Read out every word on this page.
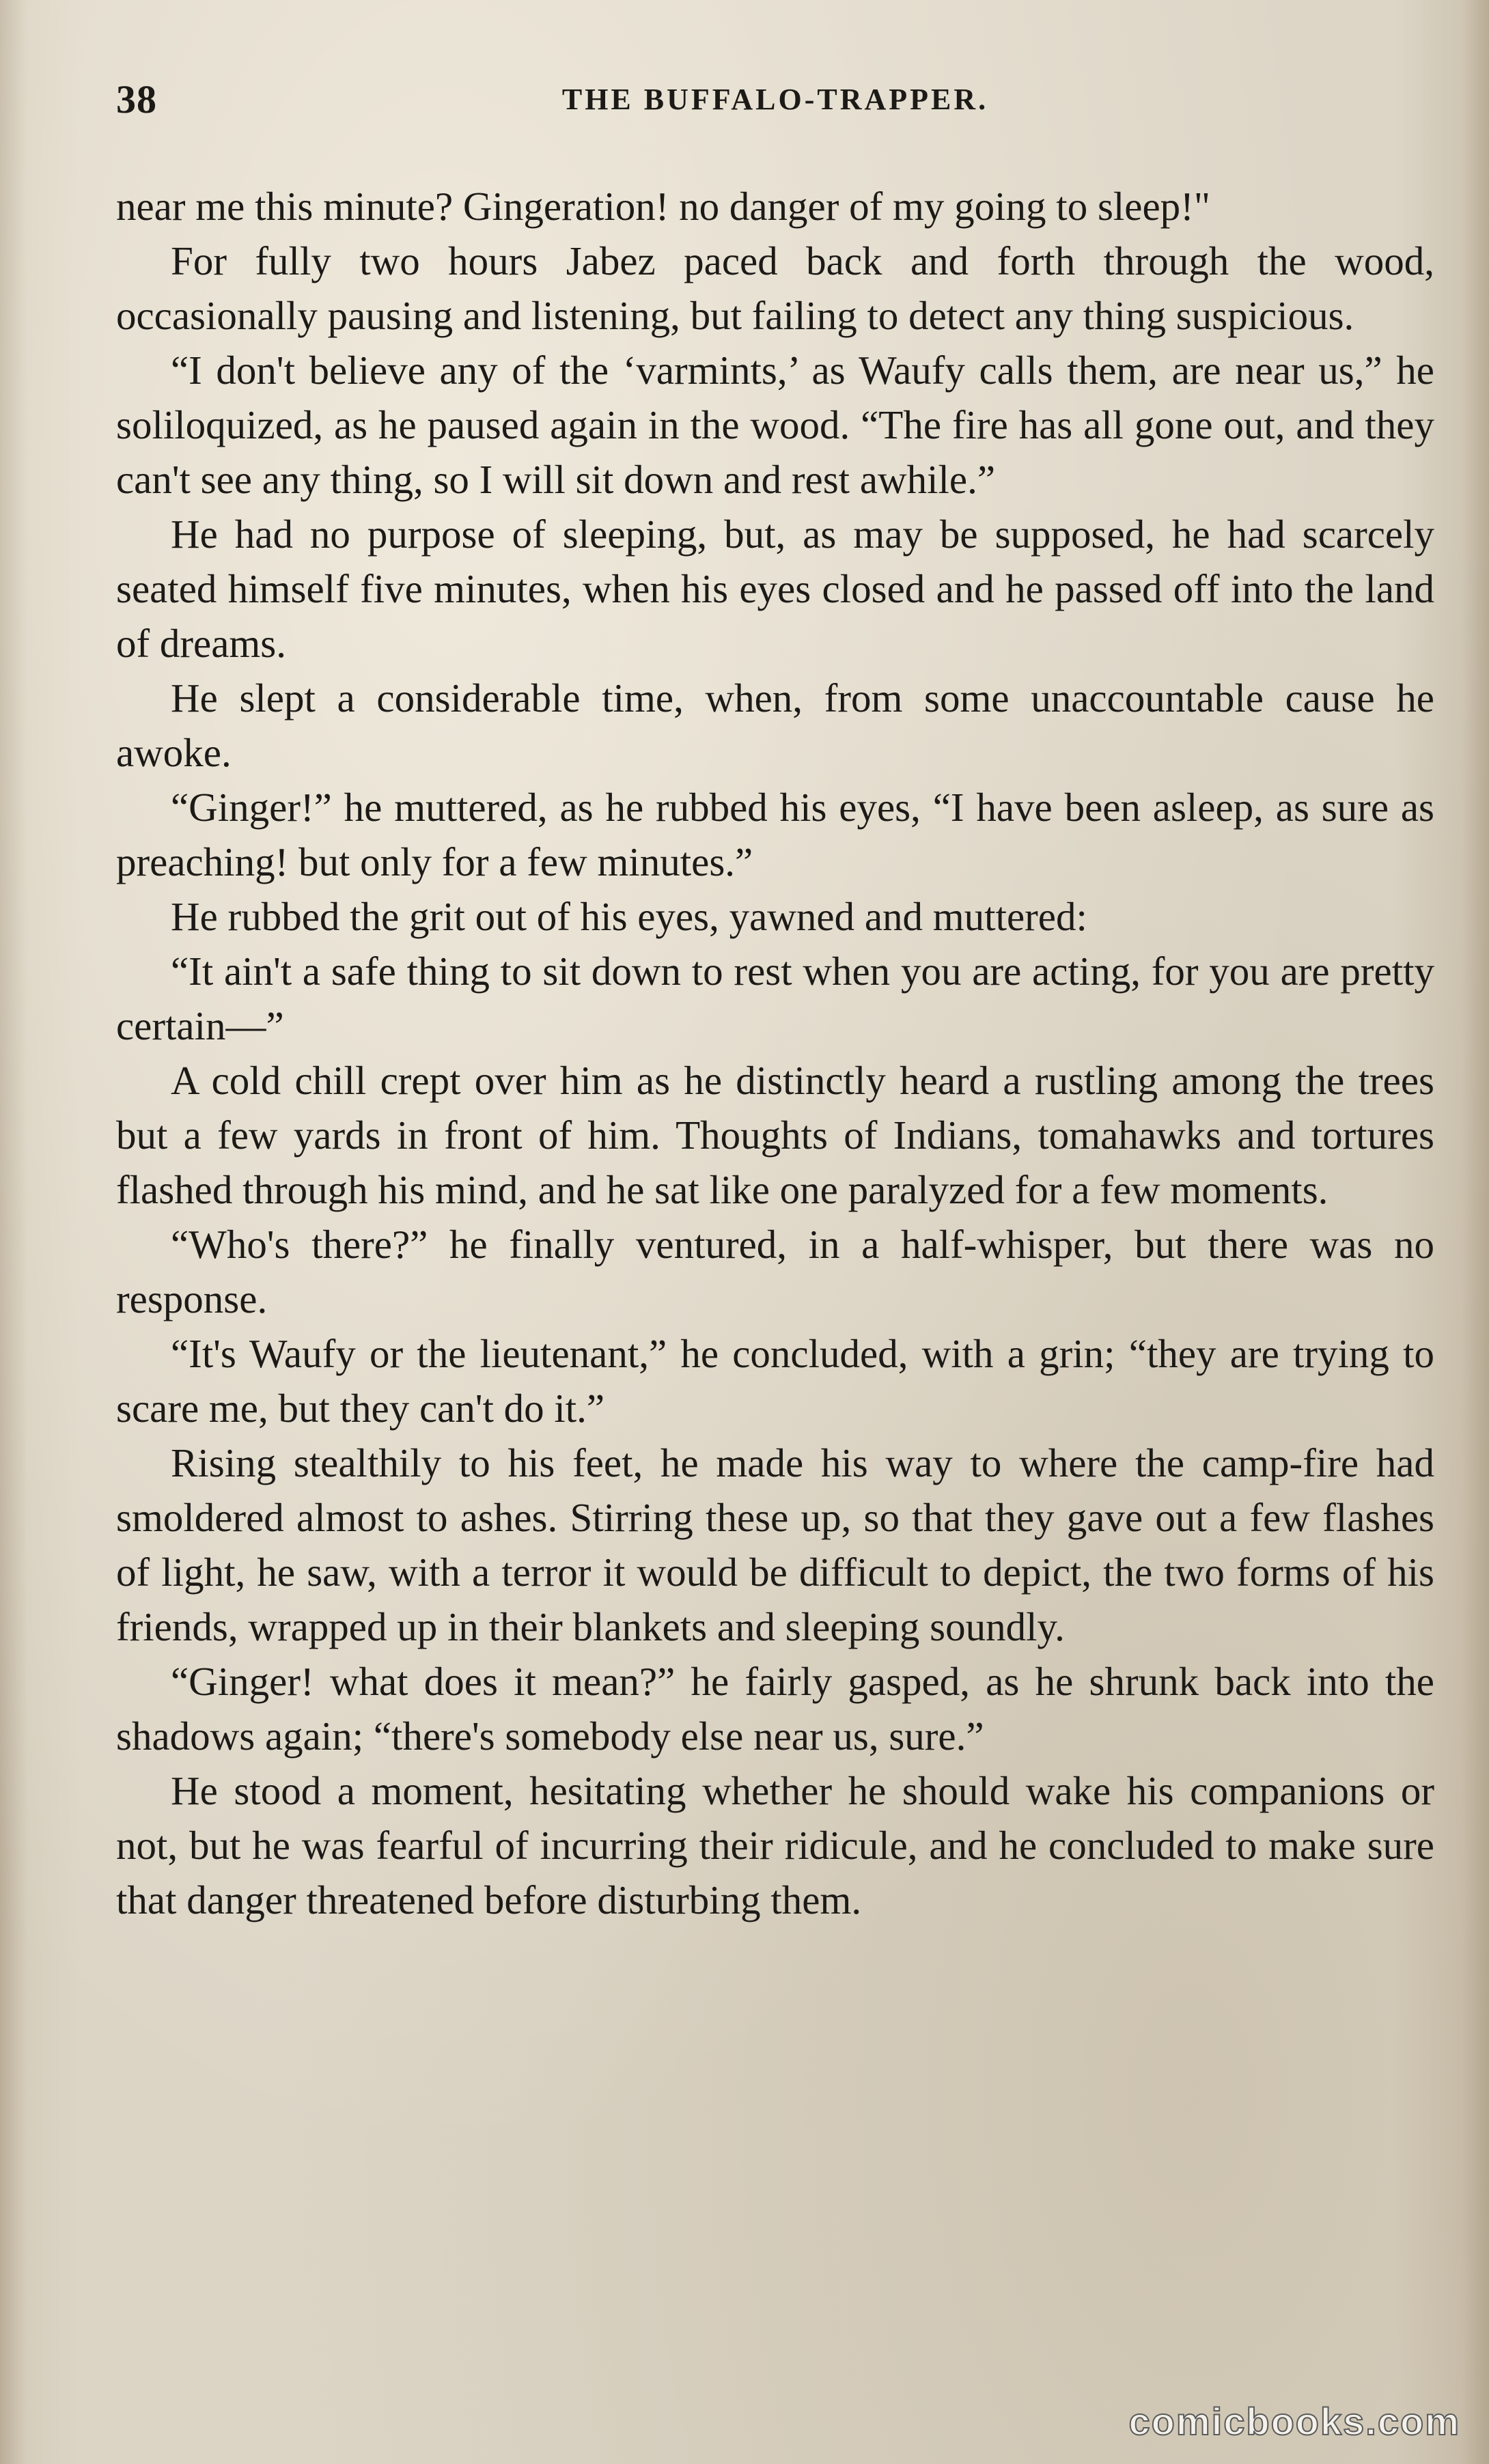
38	THE BUFFALO-TRAPPER.

near me this minute? Gingeration! no danger of my going to sleep!"

For fully two hours Jabez paced back and forth through the wood, occasionally pausing and listening, but failing to detect any thing suspicious.

“I don't believe any of the ‘varmints,’ as Waufy calls them, are near us,” he soliloquized, as he paused again in the wood. “The fire has all gone out, and they can't see any thing, so I will sit down and rest awhile.”

He had no purpose of sleeping, but, as may be supposed, he had scarcely seated himself five minutes, when his eyes closed and he passed off into the land of dreams.

He slept a considerable time, when, from some unaccountable cause he awoke.

“Ginger!” he muttered, as he rubbed his eyes, “I have been asleep, as sure as preaching! but only for a few minutes.”

He rubbed the grit out of his eyes, yawned and muttered:

“It ain't a safe thing to sit down to rest when you are acting, for you are pretty certain—”

A cold chill crept over him as he distinctly heard a rustling among the trees but a few yards in front of him. Thoughts of Indians, tomahawks and tortures flashed through his mind, and he sat like one paralyzed for a few moments.

“Who's there?” he finally ventured, in a half-whisper, but there was no response.

“It's Waufy or the lieutenant,” he concluded, with a grin; “they are trying to scare me, but they can't do it.”

Rising stealthily to his feet, he made his way to where the camp-fire had smoldered almost to ashes. Stirring these up, so that they gave out a few flashes of light, he saw, with a terror it would be difficult to depict, the two forms of his friends, wrapped up in their blankets and sleeping soundly.

“Ginger! what does it mean?” he fairly gasped, as he shrunk back into the shadows again; “there's somebody else near us, sure.”

He stood a moment, hesitating whether he should wake his companions or not, but he was fearful of incurring their ridicule, and he concluded to make sure that danger threatened before disturbing them.

comicbooks.com
